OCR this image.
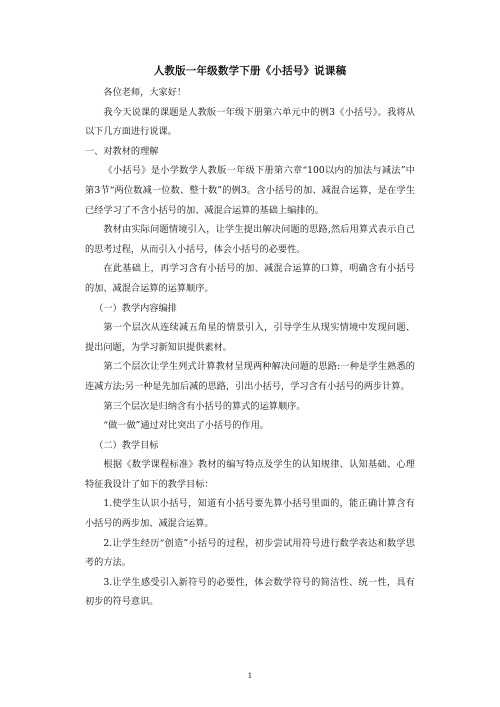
人教版一年级数学下册《小括号》说课稿

各位老师，大家好！

我今天说课的课题是人教版一年级下册第六单元中的例3《小括号》。我将从以下几方面进行说课。

一、对教材的理解

《小括号》是小学数学人教版一年级下册第六章“100以内的加法与减法”中第3节“两位数减一位数、整十数”的例3。含小括号的加、减混合运算，是在学生已经学习了不含小括号的加、减混合运算的基础上编排的。

教材由实际问题情境引入，让学生提出解决问题的思路,然后用算式表示自己的思考过程，从而引入小括号，体会小括号的必要性。

在此基础上，再学习含有小括号的加、减混合运算的口算，明确含有小括号的加、减混合运算的运算顺序。

（一）教学内容编排

第一个层次从连续减五角星的情景引入，引导学生从现实情境中发现问题、提出问题，为学习新知识提供素材。

第二个层次让学生列式计算教材呈现两种解决问题的思路:一种是学生熟悉的连减方法;另一种是先加后减的思路，引出小括号，学习含有小括号的两步计算。

第三个层次是归纳含有小括号的算式的运算顺序。

“做一做”通过对比突出了小括号的作用。

（二）教学目标

根据《数学课程标准》教材的编写特点及学生的认知规律、认知基础、心理特征我设计了如下的教学目标：

1.使学生认识小括号，知道有小括号要先算小括号里面的，能正确计算含有小括号的两步加、减混合运算。

2.让学生经历“创造”小括号的过程，初步尝试用符号进行数学表达和数学思考的方法。

3.让学生感受引入新符号的必要性，体会数学符号的简洁性、统一性，具有初步的符号意识。

1
